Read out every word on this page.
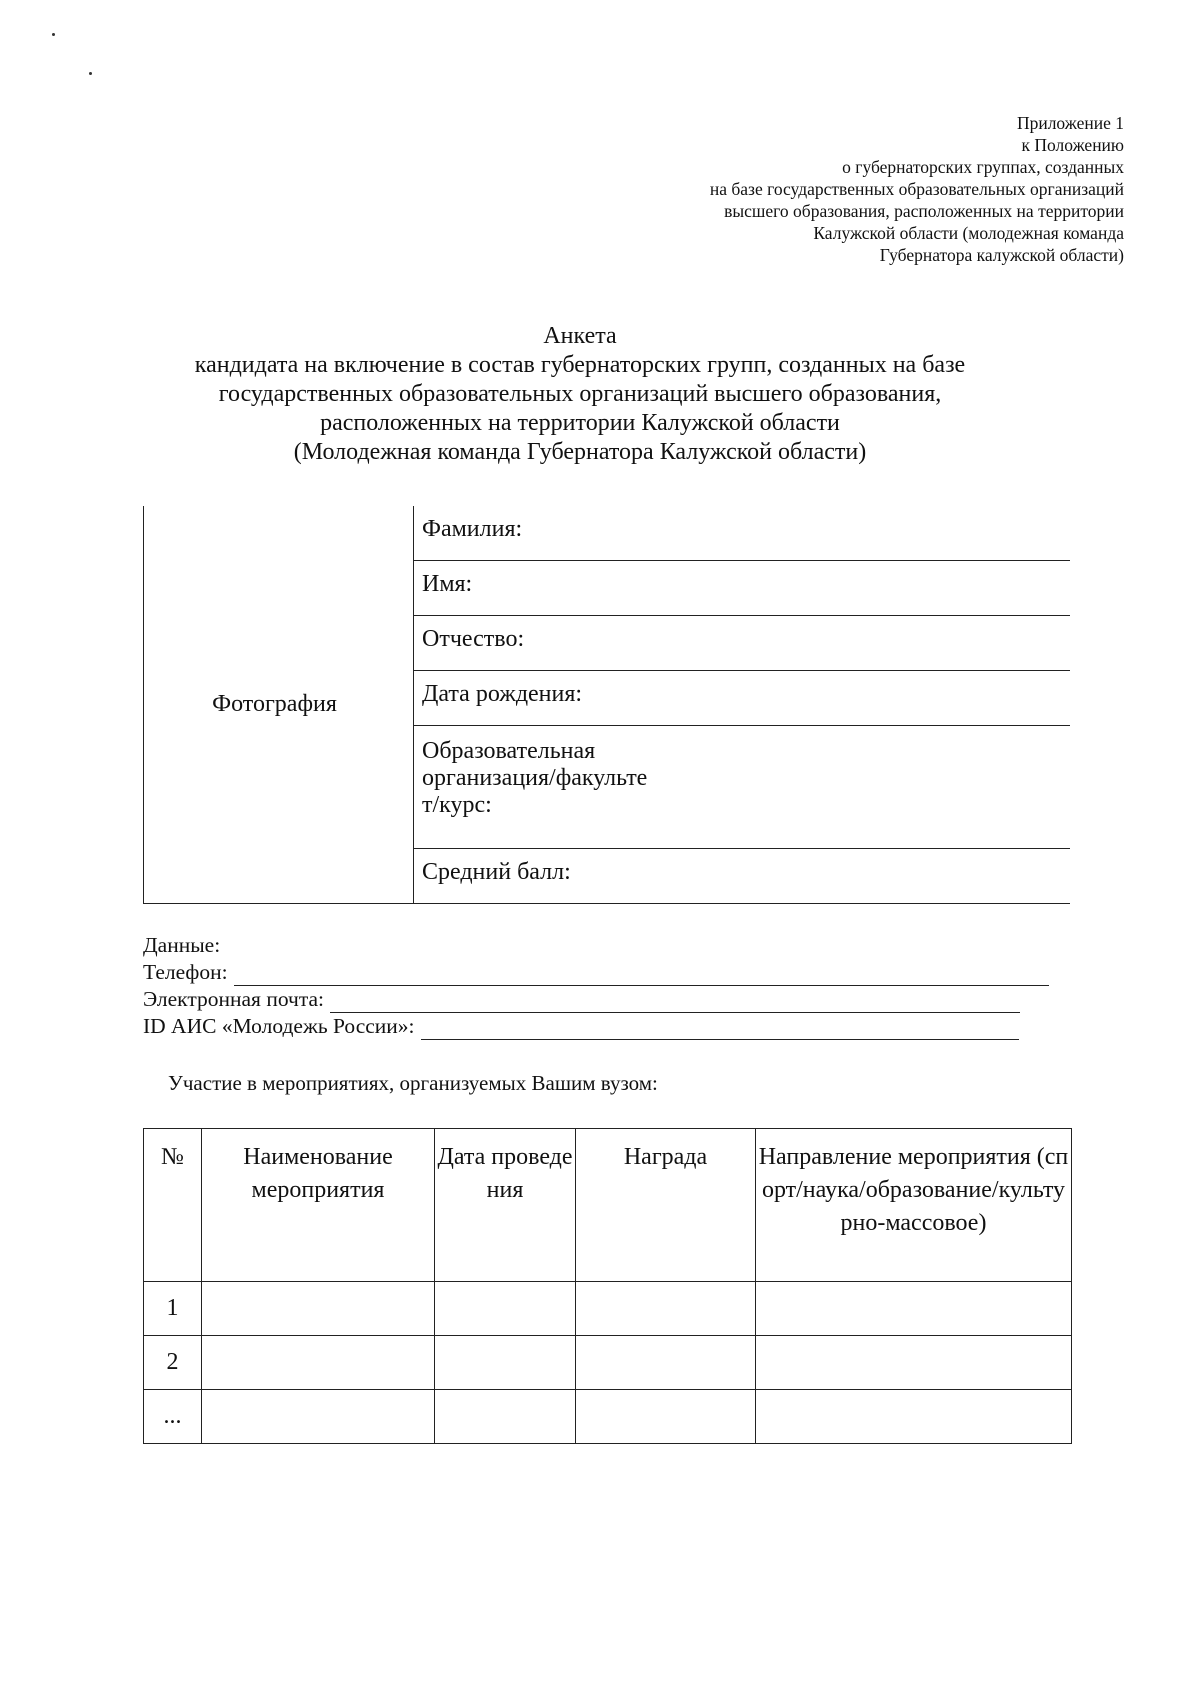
Приложение 1
к Положению
о губернаторских группах, созданных
на базе государственных образовательных организаций
высшего образования, расположенных на территории
Калужской области (молодежная команда
Губернатора калужской области)
Анкета
кандидата на включение в состав губернаторских групп, созданных на базе
государственных образовательных организаций высшего образования,
расположенных на территории Калужской области
(Молодежная команда Губернатора Калужской области)
Фотография	Фамилия:
Имя:
Отчество:
Дата рождения:
Образовательная
организация/факульте
т/курс:
Средний балл:
Данные:
Телефон:
Электронная почта:
ID АИС «Молодежь России»:
Участие в мероприятиях, организуемых Вашим вузом:
№	Наименование мероприятия	Дата проведения	Награда	Направление мероприятия (спорт/наука/образование/культурно-массовое)
1				
2				
...				
